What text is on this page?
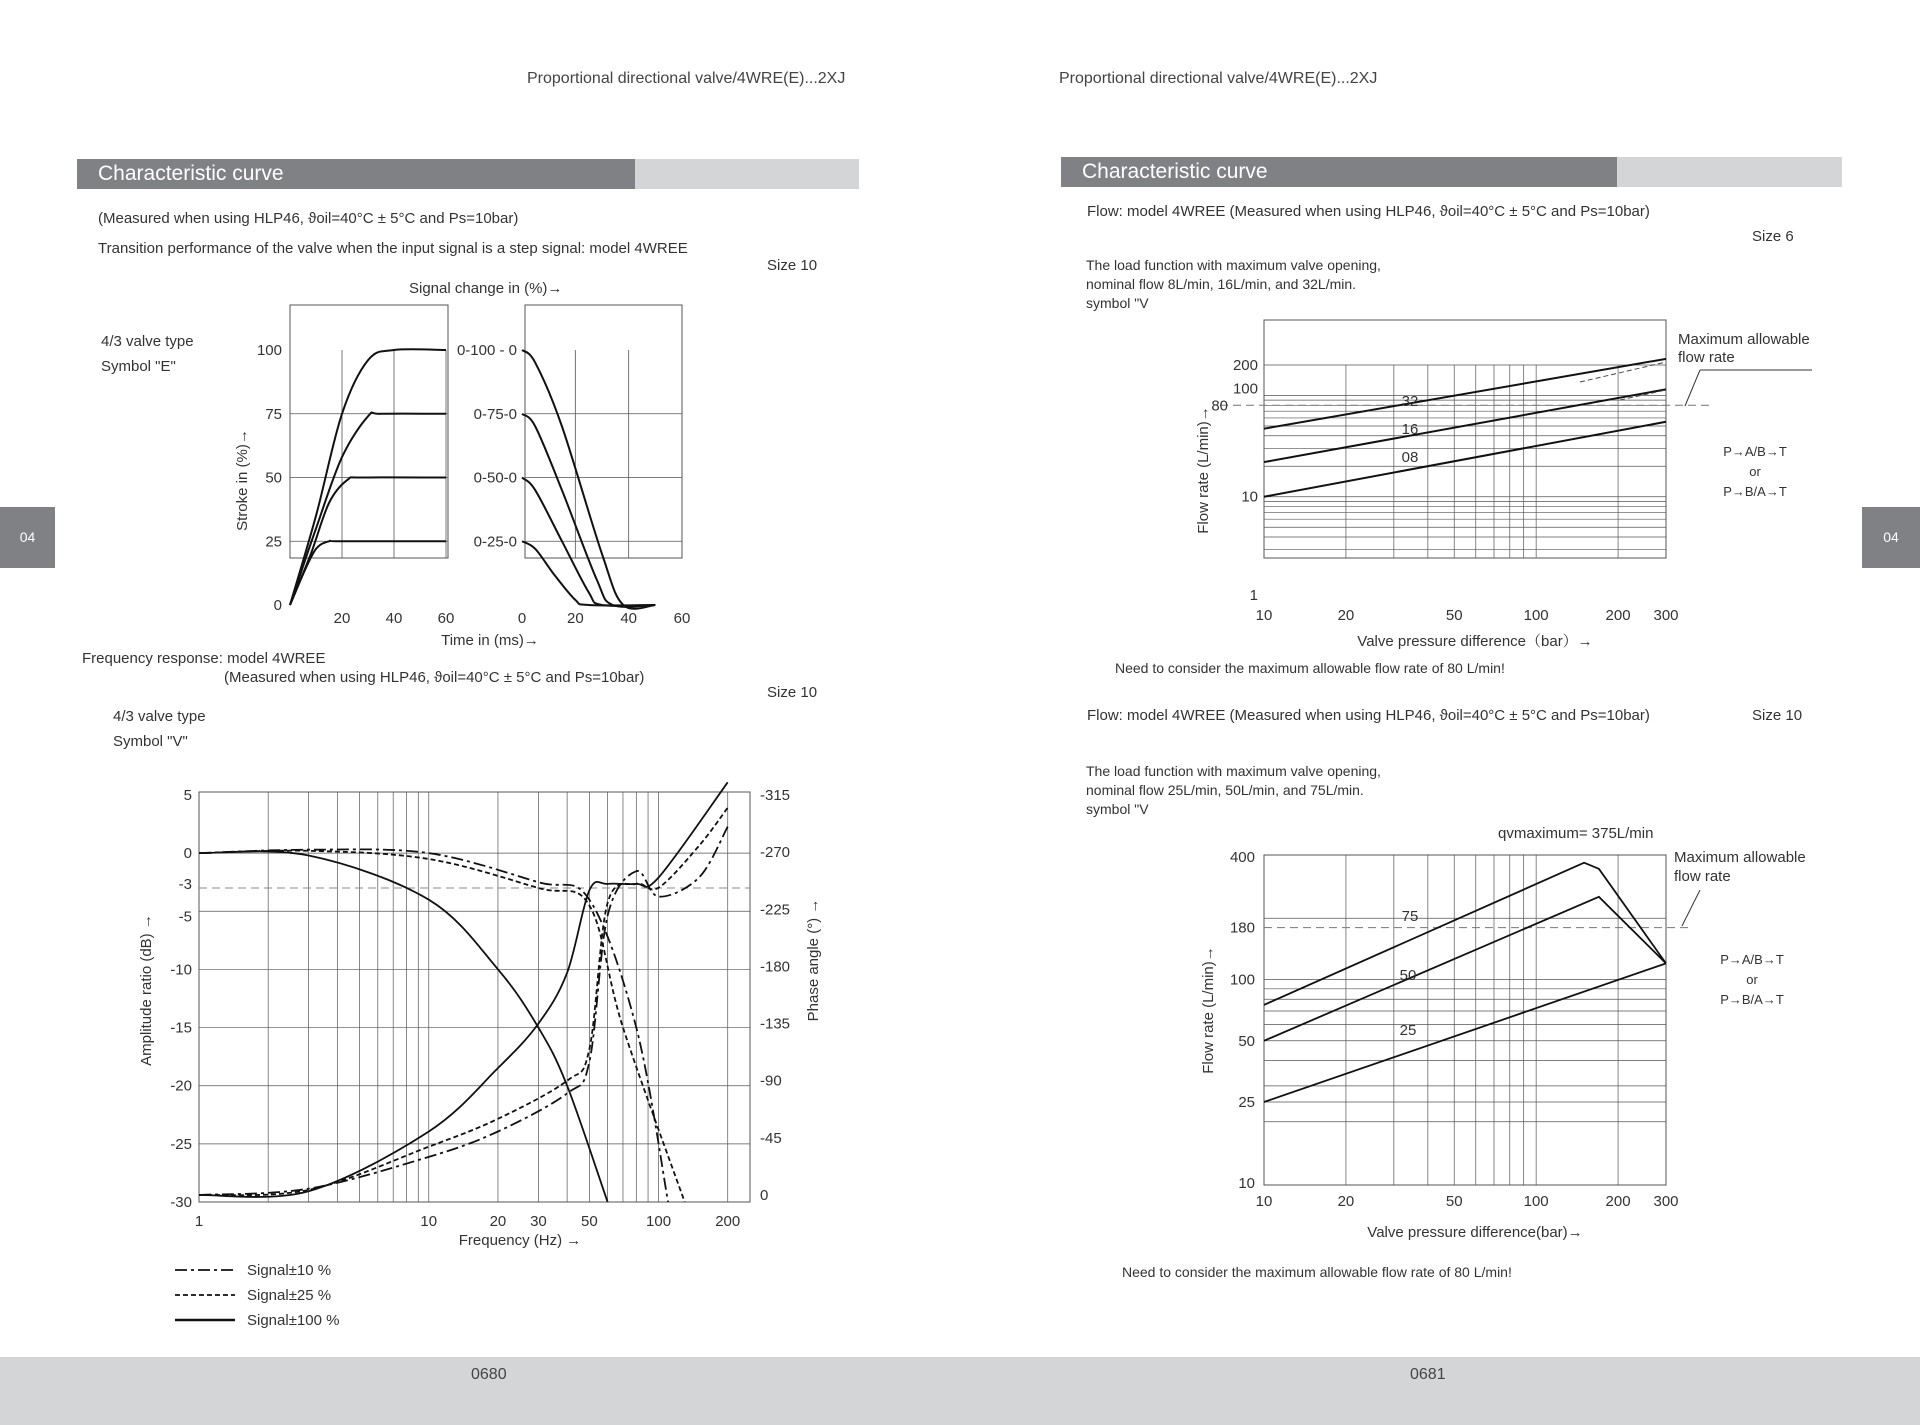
Proportional directional valve/4WRE(E)...2XJ	Proportional directional valve/4WRE(E)...2XJ
Characteristic curve	Characteristic curve
04	04
(Measured when using HLP46, ϑoil=40°C ± 5°C and Ps=10bar)
Transition performance of the valve when the input signal is a step signal: model 4WREE
Size 10
4/3 valve type
Symbol "E"
Signal change in (%)→
Frequency response: model 4WREE
(Measured when using HLP46, ϑoil=40°C ± 5°C and Ps=10bar)
Size 10
4/3 valve type
Symbol "V"
Flow: model 4WREE (Measured when using HLP46, ϑoil=40°C ± 5°C and Ps=10bar)
Size 6
The load function with maximum valve opening,
nominal flow 8L/min, 16L/min, and 32L/min.
symbol "V
Need to consider the maximum allowable flow rate of 80 L/min!
Flow: model 4WREE (Measured when using HLP46, ϑoil=40°C ± 5°C and Ps=10bar)	Size 10
The load function with maximum valve opening,
nominal flow 25L/min, 50L/min, and 75L/min.
symbol "V
Need to consider the maximum allowable flow rate of 80 L/min!
0680	0681
20 40 60
0
25
50
75
100
Stroke in (%)→
Time in (ms)→
0	20 40 60
0-100 - 0
0-75-0
0-50-0
0-25-0
1	10	20 30 50	100	200
5
0
-3
-5
-10
-15
-20
-25
-30
-315
-270
-225
-180
-135
-90
-45
0
Amplitude ratio (dB) →	Phase angle (°) →
Frequency (Hz) →
Signal±10 %
Signal±25 %
Signal±100 %
10	20	50	100	200 300
1
10
100
200
80
Flow rate (L/min)→
Valve pressure difference（bar）→
32
16
08
Maximum allowable
flow rate
P→A/B→T
or
P→B/A→T
10	20	50	100	200 300
10
25
50
100
180
400
Flow rate (L/min)→
Valve pressure difference(bar)→
75
50
25
qvmaximum= 375L/min
Maximum allowable
flow rate
P→A/B→T
or
P→B/A→T
